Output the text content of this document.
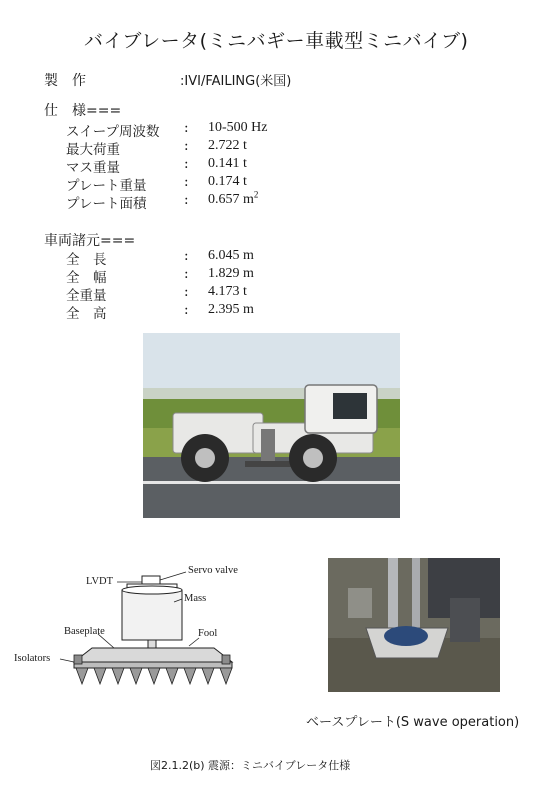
バイブレータ(ミニバギー車載型ミニバイブ)
製　作	:IVI/FAILING(米国)
仕　様===
スイープ周波数 : 10-500 Hz
最大荷重	: 2.722 t
マス重量	: 0.141 t
プレート重量	: 0.174 t
プレート面積	: 0.657 $m^2$
車両諸元===
全　長	: 6.045 m
全　幅	: 1.829 m
全重量	: 4.173 t
全　高	: 2.395 m
LVDT
Servo valve
Mass
Baseplate	Fool
Isolators
ベースプレート(S wave operation)
図2.1.2(b) 震源：ミニバイブレータ仕様
